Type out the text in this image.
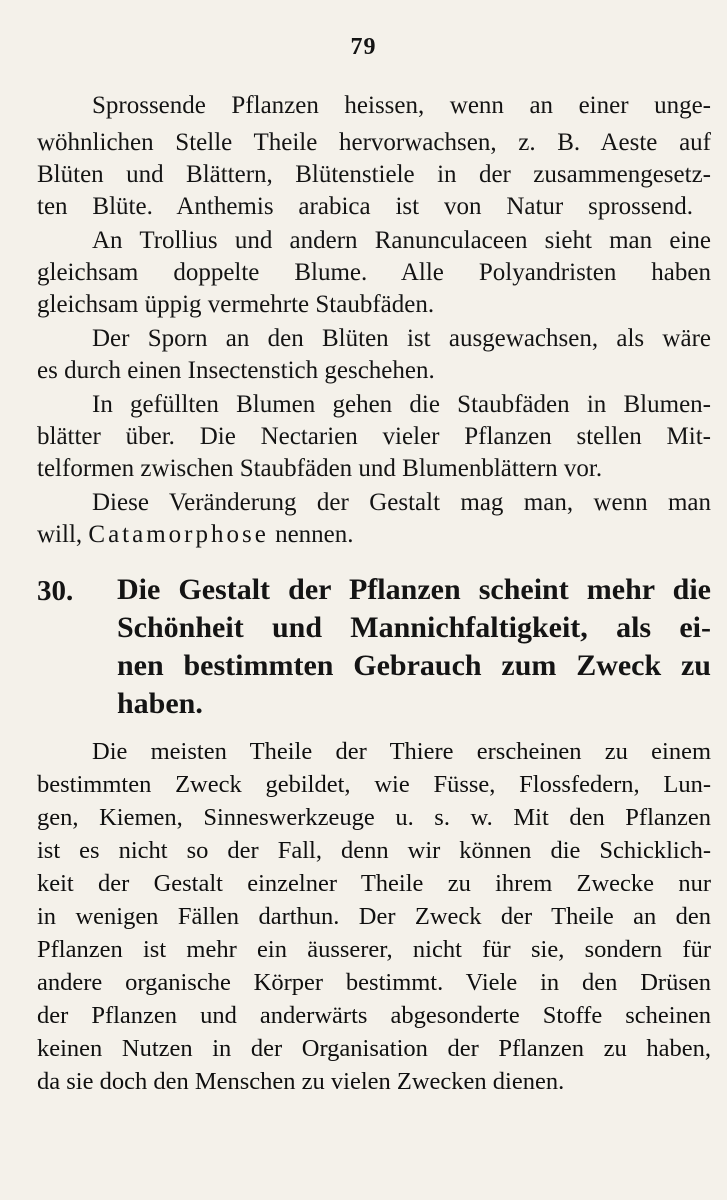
79
Sprossende Pflanzen heissen, wenn an einer unge-
wöhnlichen Stelle Theile hervorwachsen, z. B. Aeste auf
Blüten und Blättern, Blütenstiele in der zusammengesetz-
ten Blüte. Anthemis arabica ist von Natur sprossend.
An Trollius und andern Ranunculaceen sieht man eine
gleichsam doppelte Blume. Alle Polyandristen haben
gleichsam üppig vermehrte Staubfäden.
Der Sporn an den Blüten ist ausgewachsen, als wäre
es durch einen Insectenstich geschehen.
In gefüllten Blumen gehen die Staubfäden in Blumen-
blätter über. Die Nectarien vieler Pflanzen stellen Mit-
telformen zwischen Staubfäden und Blumenblättern vor.
Diese Veränderung der Gestalt mag man, wenn man
will, Catamorphose nennen.
30. Die Gestalt der Pflanzen scheint mehr die
Schönheit und Mannichfaltigkeit, als ei-
nen bestimmten Gebrauch zum Zweck zu
haben.
Die meisten Theile der Thiere erscheinen zu einem
bestimmten Zweck gebildet, wie Füsse, Flossfedern, Lun-
gen, Kiemen, Sinneswerkzeuge u. s. w. Mit den Pflanzen
ist es nicht so der Fall, denn wir können die Schicklich-
keit der Gestalt einzelner Theile zu ihrem Zwecke nur
in wenigen Fällen darthun. Der Zweck der Theile an den
Pflanzen ist mehr ein äusserer, nicht für sie, sondern für
andere organische Körper bestimmt. Viele in den Drüsen
der Pflanzen und anderwärts abgesonderte Stoffe scheinen
keinen Nutzen in der Organisation der Pflanzen zu haben,
da sie doch den Menschen zu vielen Zwecken dienen.
